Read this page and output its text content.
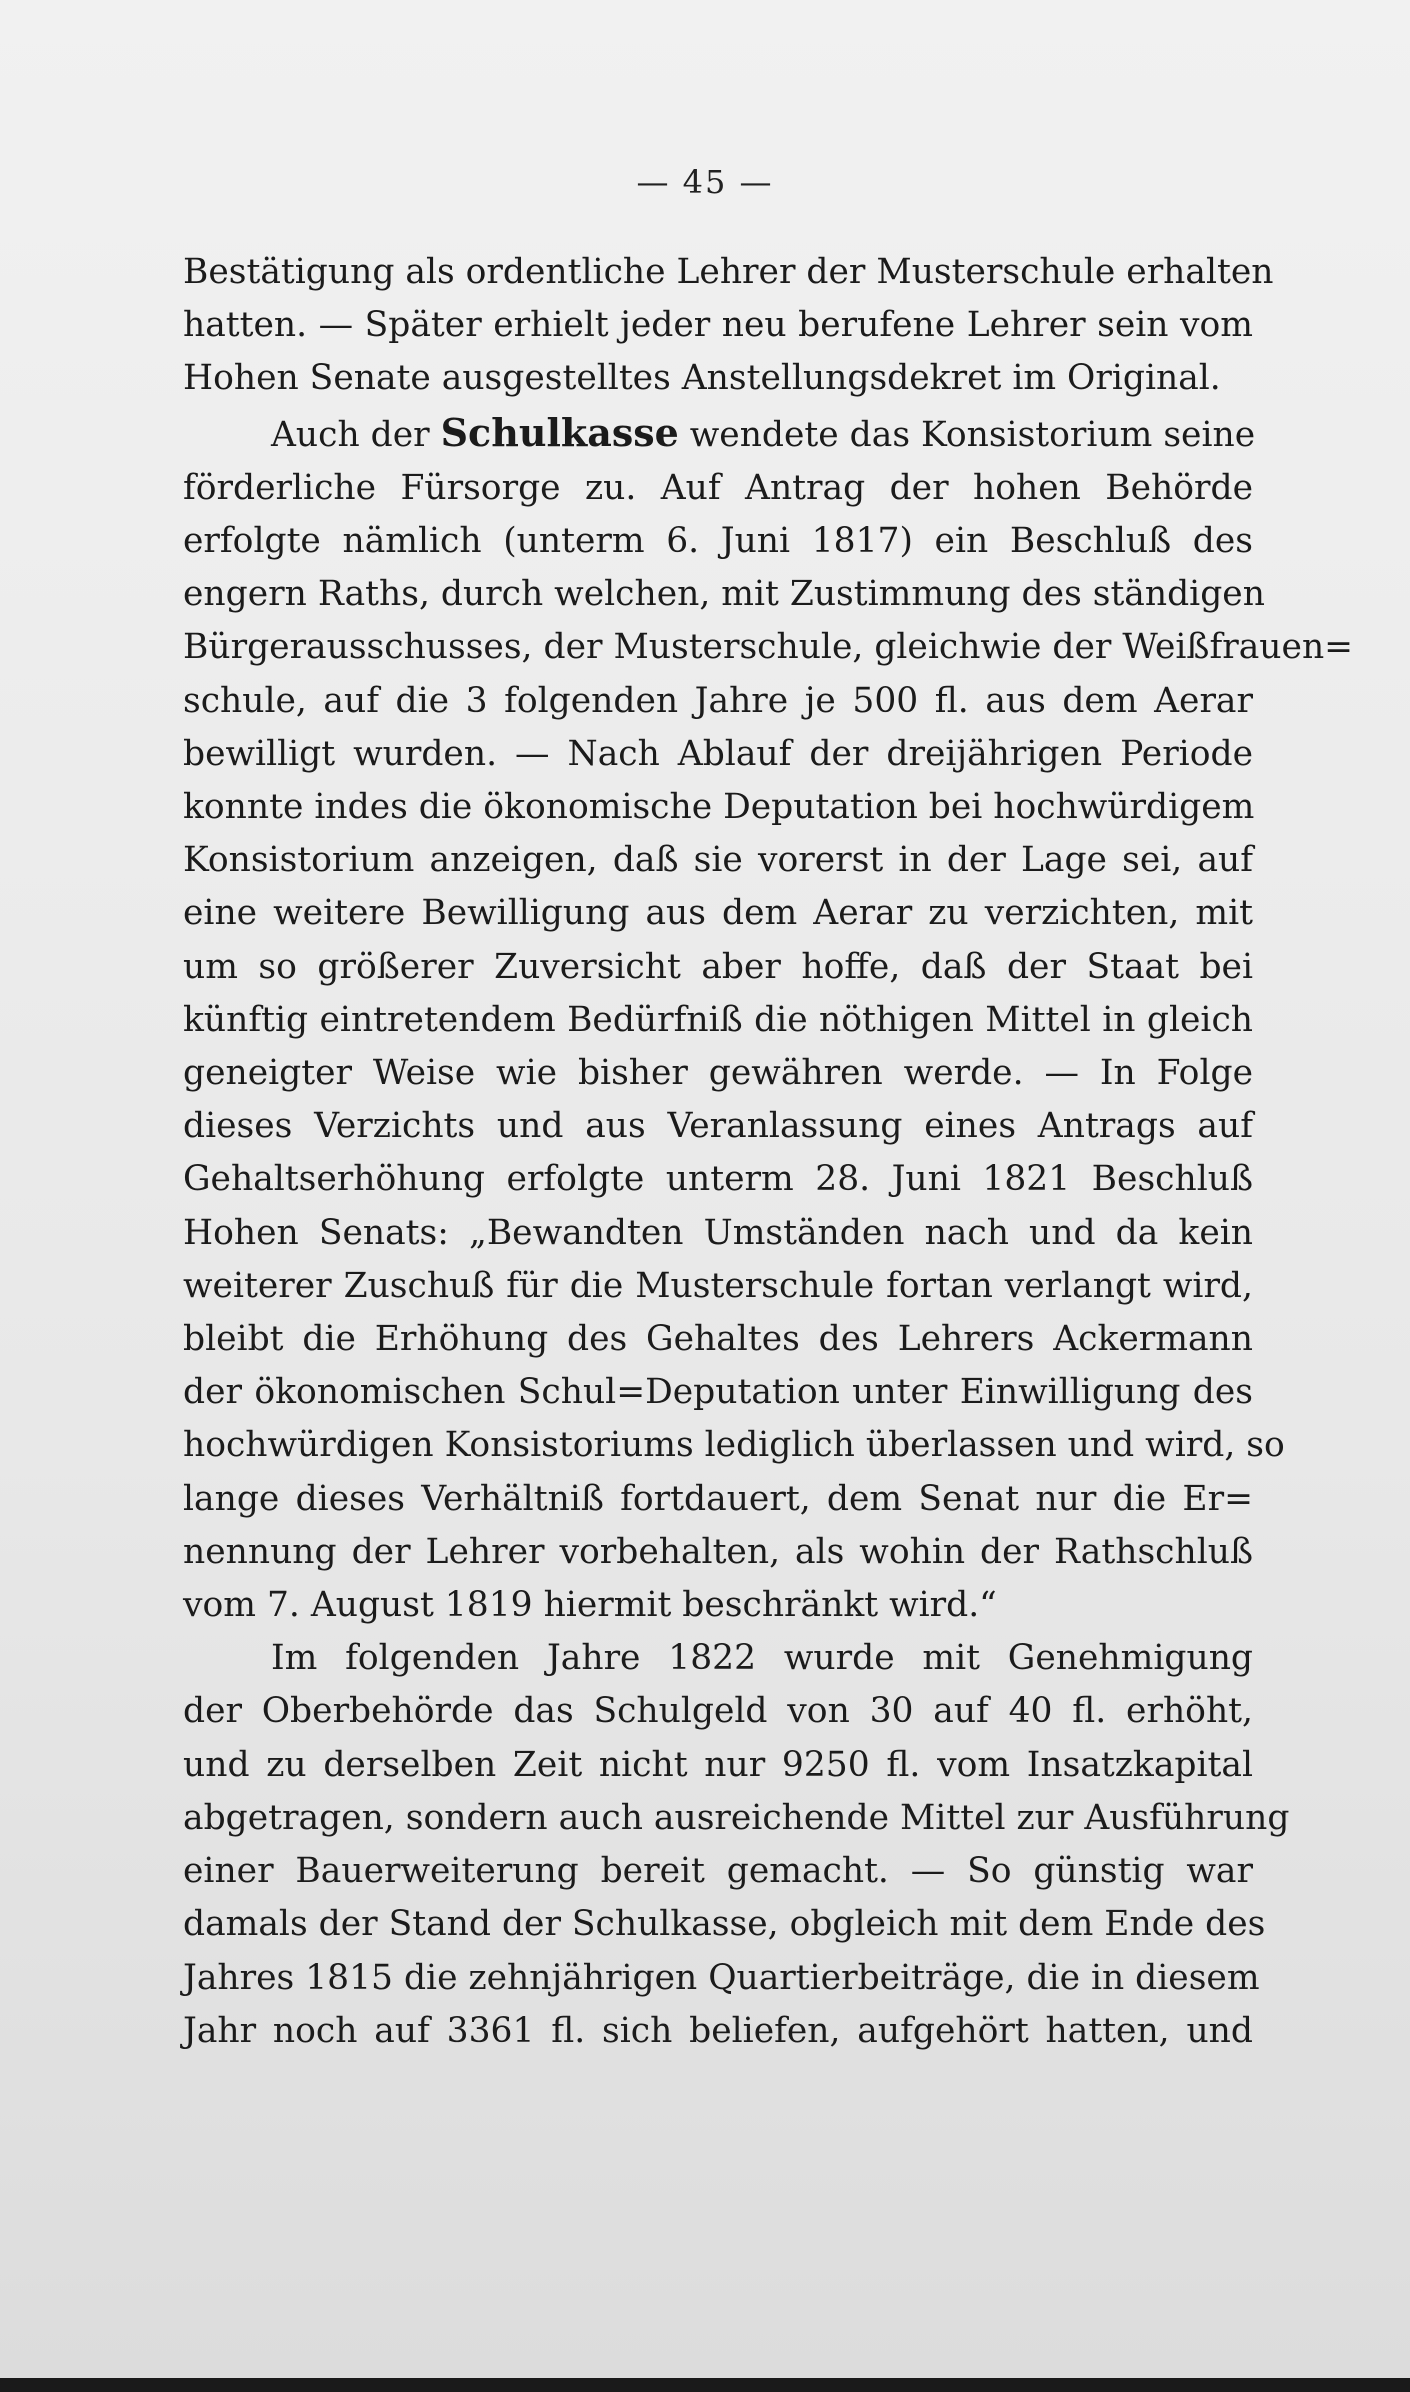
— 45 —
Bestätigung als ordentliche Lehrer der Musterschule erhalten
hatten. — Später erhielt jeder neu berufene Lehrer sein vom
Hohen Senate ausgestelltes Anstellungsdekret im Original.
Auch der Schulkasse wendete das Konsistorium seine
förderliche Fürsorge zu. Auf Antrag der hohen Behörde
erfolgte nämlich (unterm 6. Juni 1817) ein Beschluß des
engern Raths, durch welchen, mit Zustimmung des ständigen
Bürgerausschusses, der Musterschule, gleichwie der Weißfrauen=
schule, auf die 3 folgenden Jahre je 500 fl. aus dem Aerar
bewilligt wurden. — Nach Ablauf der dreijährigen Periode
konnte indes die ökonomische Deputation bei hochwürdigem
Konsistorium anzeigen, daß sie vorerst in der Lage sei, auf
eine weitere Bewilligung aus dem Aerar zu verzichten, mit
um so größerer Zuversicht aber hoffe, daß der Staat bei
künftig eintretendem Bedürfniß die nöthigen Mittel in gleich
geneigter Weise wie bisher gewähren werde. — In Folge
dieses Verzichts und aus Veranlassung eines Antrags auf
Gehaltserhöhung erfolgte unterm 28. Juni 1821 Beschluß
Hohen Senats: „Bewandten Umständen nach und da kein
weiterer Zuschuß für die Musterschule fortan verlangt wird,
bleibt die Erhöhung des Gehaltes des Lehrers Ackermann
der ökonomischen Schul=Deputation unter Einwilligung des
hochwürdigen Konsistoriums lediglich überlassen und wird, so
lange dieses Verhältniß fortdauert, dem Senat nur die Er=
nennung der Lehrer vorbehalten, als wohin der Rathschluß
vom 7. August 1819 hiermit beschränkt wird.“
Im folgenden Jahre 1822 wurde mit Genehmigung
der Oberbehörde das Schulgeld von 30 auf 40 fl. erhöht,
und zu derselben Zeit nicht nur 9250 fl. vom Insatzkapital
abgetragen, sondern auch ausreichende Mittel zur Ausführung
einer Bauerweiterung bereit gemacht. — So günstig war
damals der Stand der Schulkasse, obgleich mit dem Ende des
Jahres 1815 die zehnjährigen Quartierbeiträge, die in diesem
Jahr noch auf 3361 fl. sich beliefen, aufgehört hatten, und
